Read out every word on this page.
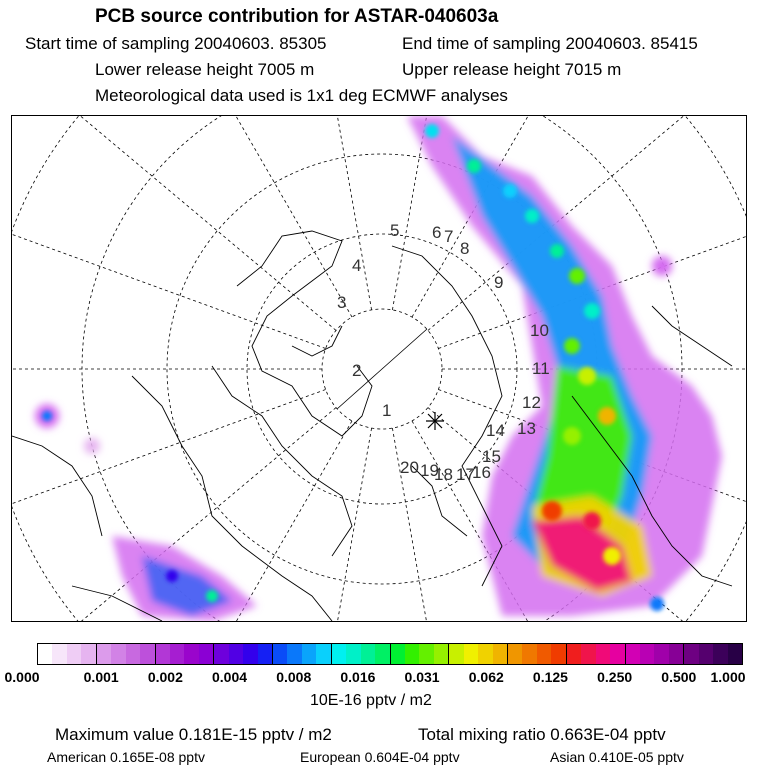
PCB source contribution for ASTAR-040603a
Start time of sampling 20040603. 85305	End time of sampling 20040603. 85415
Lower release height 7005 m	Upper release height 7015 m
Meteorological data used is 1x1 deg ECMWF analyses
1
2
3
4
5 6 7
8
9
10
11
12
13
14
15
16
17
18
19
20
0.000	0.001 0.002 0.004 0.008 0.016 0.031 0.062 0.125 0.250 0.500 1.000
10E-16 pptv / m2
Maximum value 0.181E-15 pptv / m2	Total mixing ratio 0.663E-04 pptv
American 0.165E-08 pptv	European 0.604E-04 pptv	Asian 0.410E-05 pptv
